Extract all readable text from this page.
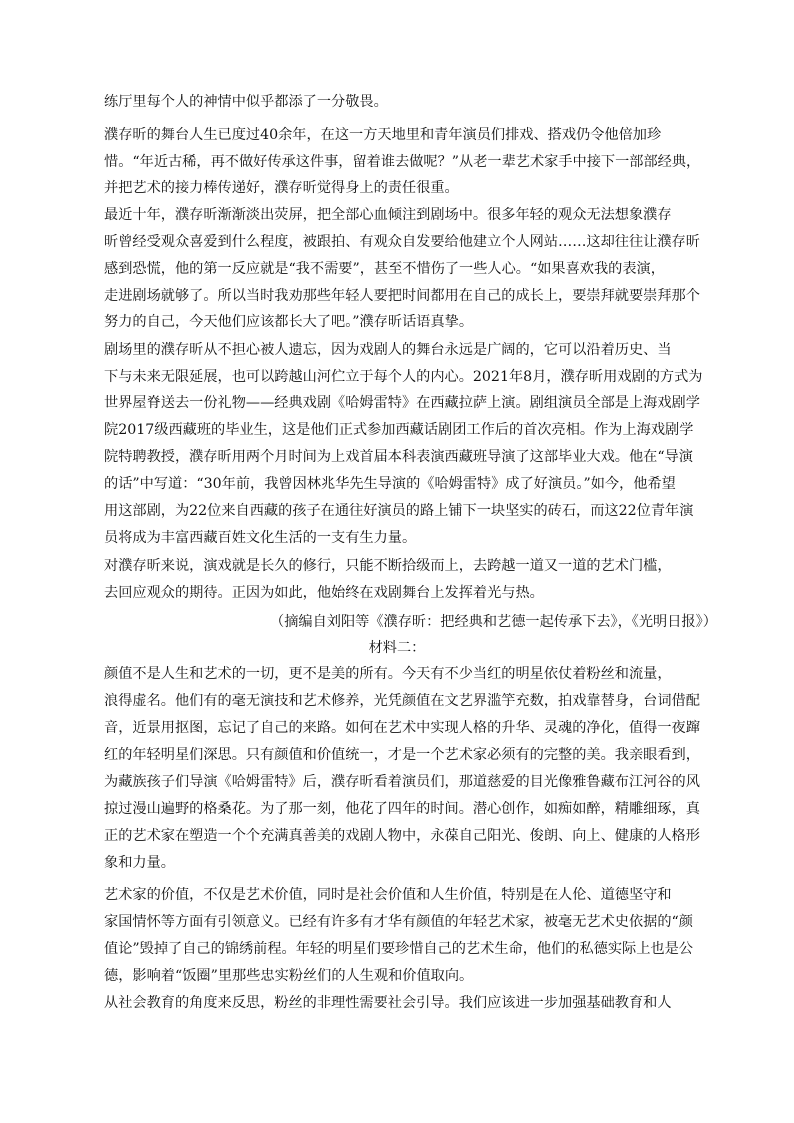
练厅里每个人的神情中似乎都添了一分敬畏。
濮存昕的舞台人生已度过40余年，在这一方天地里和青年演员们排戏、搭戏仍令他倍加珍
惜。“年近古稀，再不做好传承这件事，留着谁去做呢？”从老一辈艺术家手中接下一部部经典，
并把艺术的接力棒传递好，濮存昕觉得身上的责任很重。
最近十年，濮存昕渐渐淡出荧屏，把全部心血倾注到剧场中。很多年轻的观众无法想象濮存
昕曾经受观众喜爱到什么程度，被跟拍、有观众自发要给他建立个人网站……这却往往让濮存昕
感到恐慌，他的第一反应就是“我不需要”，甚至不惜伤了一些人心。“如果喜欢我的表演，
走进剧场就够了。所以当时我劝那些年轻人要把时间都用在自己的成长上，要崇拜就要崇拜那个
努力的自己，今天他们应该都长大了吧。”濮存昕话语真挚。
剧场里的濮存昕从不担心被人遗忘，因为戏剧人的舞台永远是广阔的，它可以沿着历史、当
下与未来无限延展，也可以跨越山河伫立于每个人的内心。2021年8月，濮存昕用戏剧的方式为
世界屋脊送去一份礼物——经典戏剧《哈姆雷特》在西藏拉萨上演。剧组演员全部是上海戏剧学
院2017级西藏班的毕业生，这是他们正式参加西藏话剧团工作后的首次亮相。作为上海戏剧学
院特聘教授，濮存昕用两个月时间为上戏首届本科表演西藏班导演了这部毕业大戏。他在“导演
的话”中写道：“30年前，我曾因林兆华先生导演的《哈姆雷特》成了好演员。”如今，他希望
用这部剧，为22位来自西藏的孩子在通往好演员的路上铺下一块坚实的砖石，而这22位青年演
员将成为丰富西藏百姓文化生活的一支有生力量。
对濮存昕来说，演戏就是长久的修行，只能不断拾级而上，去跨越一道又一道的艺术门槛，
去回应观众的期待。正因为如此，他始终在戏剧舞台上发挥着光与热。
（摘编自刘阳等《濮存昕：把经典和艺德一起传承下去》，《光明日报》）
材料二：
颜值不是人生和艺术的一切，更不是美的所有。今天有不少当红的明星依仗着粉丝和流量，
浪得虚名。他们有的毫无演技和艺术修养，光凭颜值在文艺界滥竽充数，拍戏靠替身，台词借配
音，近景用抠图，忘记了自己的来路。如何在艺术中实现人格的升华、灵魂的净化，值得一夜蹿
红的年轻明星们深思。只有颜值和价值统一，才是一个艺术家必须有的完整的美。我亲眼看到，
为藏族孩子们导演《哈姆雷特》后，濮存昕看着演员们，那道慈爱的目光像雅鲁藏布江河谷的风
掠过漫山遍野的格桑花。为了那一刻，他花了四年的时间。潜心创作，如痴如醉，精雕细琢，真
正的艺术家在塑造一个个充满真善美的戏剧人物中，永葆自己阳光、俊朗、向上、健康的人格形
象和力量。
艺术家的价值，不仅是艺术价值，同时是社会价值和人生价值，特别是在人伦、道德坚守和
家国情怀等方面有引领意义。已经有许多有才华有颜值的年轻艺术家，被毫无艺术史依据的“颜
值论”毁掉了自己的锦绣前程。年轻的明星们要珍惜自己的艺术生命，他们的私德实际上也是公
德，影响着“饭圈”里那些忠实粉丝们的人生观和价值取向。
从社会教育的角度来反思，粉丝的非理性需要社会引导。我们应该进一步加强基础教育和人
